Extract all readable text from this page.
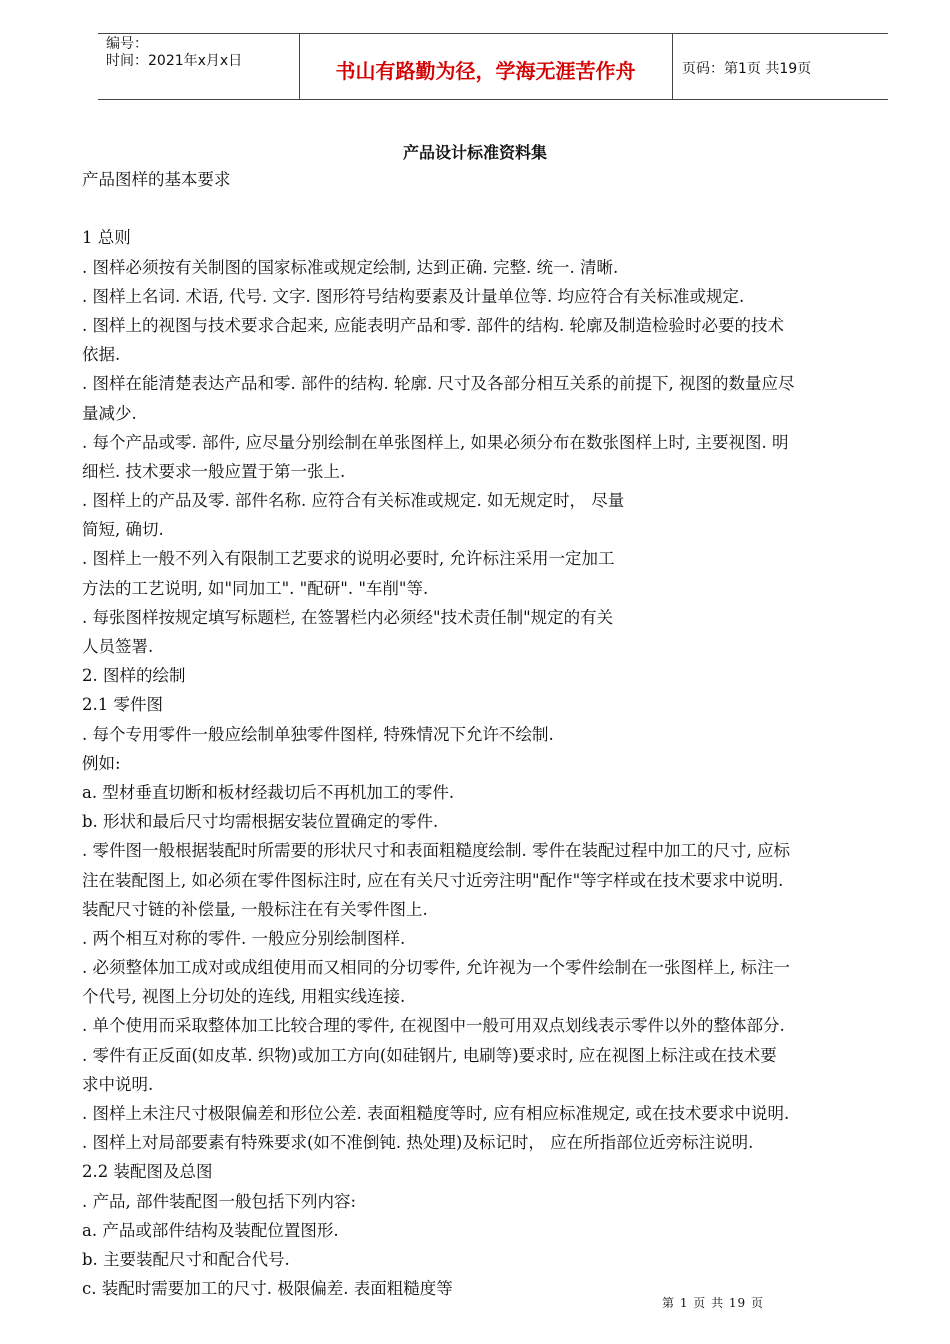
编号：
时间：2021年x月x日	书山有路勤为径，学海无涯苦作舟	页码：第1页 共19页
产品设计标准资料集
产品图样的基本要求
1 总则
. 图样必须按有关制图的国家标准或规定绘制, 达到正确. 完整. 统一. 清晰.
. 图样上名词. 术语, 代号. 文字. 图形符号结构要素及计量单位等. 均应符合有关标准或规定.
. 图样上的视图与技术要求合起来, 应能表明产品和零. 部件的结构. 轮廓及制造检验时必要的技术
依据.
. 图样在能清楚表达产品和零. 部件的结构. 轮廓. 尺寸及各部分相互关系的前提下, 视图的数量应尽
量减少.
. 每个产品或零. 部件, 应尽量分别绘制在单张图样上, 如果必须分布在数张图样上时, 主要视图. 明
细栏. 技术要求一般应置于第一张上.
. 图样上的产品及零. 部件名称. 应符合有关标准或规定. 如无规定时， 尽量
简短, 确切.
. 图样上一般不列入有限制工艺要求的说明必要时, 允许标注采用一定加工
方法的工艺说明, 如"同加工". "配研". "车削"等.
. 每张图样按规定填写标题栏, 在签署栏内必须经"技术责任制"规定的有关
人员签署.
2. 图样的绘制
2.1 零件图
. 每个专用零件一般应绘制单独零件图样, 特殊情况下允许不绘制.
例如:
a. 型材垂直切断和板材经裁切后不再机加工的零件.
b. 形状和最后尺寸均需根据安装位置确定的零件.
. 零件图一般根据装配时所需要的形状尺寸和表面粗糙度绘制. 零件在装配过程中加工的尺寸, 应标
注在装配图上, 如必须在零件图标注时, 应在有关尺寸近旁注明"配作"等字样或在技术要求中说明.
装配尺寸链的补偿量, 一般标注在有关零件图上.
. 两个相互对称的零件. 一般应分别绘制图样.
. 必须整体加工成对或成组使用而又相同的分切零件, 允许视为一个零件绘制在一张图样上, 标注一
个代号, 视图上分切处的连线, 用粗实线连接.
. 单个使用而采取整体加工比较合理的零件, 在视图中一般可用双点划线表示零件以外的整体部分.
. 零件有正反面(如皮革. 织物)或加工方向(如硅钢片, 电刷等)要求时, 应在视图上标注或在技术要
求中说明.
. 图样上未注尺寸极限偏差和形位公差. 表面粗糙度等时, 应有相应标准规定, 或在技术要求中说明.
. 图样上对局部要素有特殊要求(如不准倒钝. 热处理)及标记时， 应在所指部位近旁标注说明.
2.2 装配图及总图
. 产品, 部件装配图一般包括下列内容:
a. 产品或部件结构及装配位置图形.
b. 主要装配尺寸和配合代号.
c. 装配时需要加工的尺寸. 极限偏差. 表面粗糙度等
第 1 页 共 19 页
